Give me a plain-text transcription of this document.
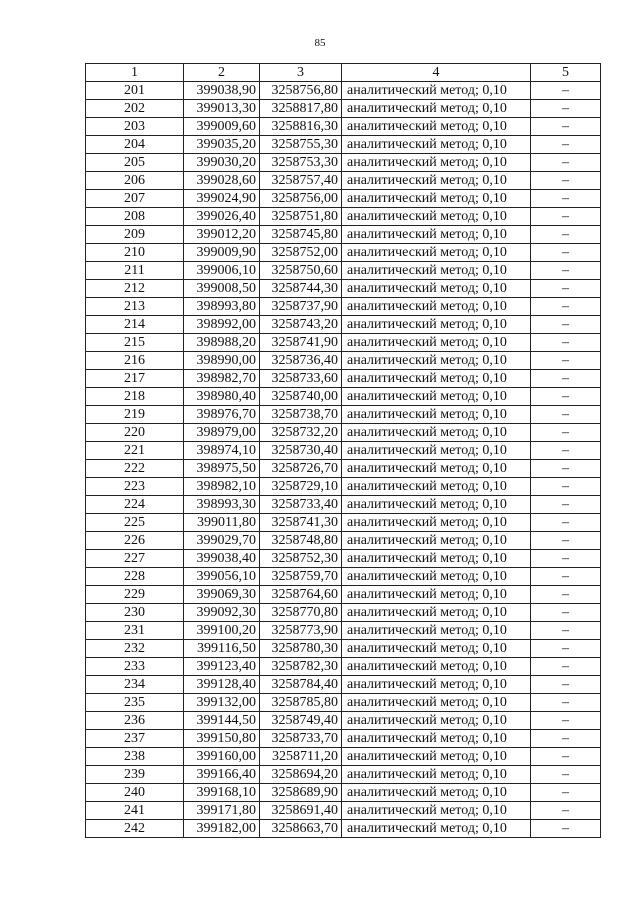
85
1	2	3	4	5
201	399038,90	3258756,80	аналитический метод; 0,10	–
202	399013,30	3258817,80	аналитический метод; 0,10	–
203	399009,60	3258816,30	аналитический метод; 0,10	–
204	399035,20	3258755,30	аналитический метод; 0,10	–
205	399030,20	3258753,30	аналитический метод; 0,10	–
206	399028,60	3258757,40	аналитический метод; 0,10	–
207	399024,90	3258756,00	аналитический метод; 0,10	–
208	399026,40	3258751,80	аналитический метод; 0,10	–
209	399012,20	3258745,80	аналитический метод; 0,10	–
210	399009,90	3258752,00	аналитический метод; 0,10	–
211	399006,10	3258750,60	аналитический метод; 0,10	–
212	399008,50	3258744,30	аналитический метод; 0,10	–
213	398993,80	3258737,90	аналитический метод; 0,10	–
214	398992,00	3258743,20	аналитический метод; 0,10	–
215	398988,20	3258741,90	аналитический метод; 0,10	–
216	398990,00	3258736,40	аналитический метод; 0,10	–
217	398982,70	3258733,60	аналитический метод; 0,10	–
218	398980,40	3258740,00	аналитический метод; 0,10	–
219	398976,70	3258738,70	аналитический метод; 0,10	–
220	398979,00	3258732,20	аналитический метод; 0,10	–
221	398974,10	3258730,40	аналитический метод; 0,10	–
222	398975,50	3258726,70	аналитический метод; 0,10	–
223	398982,10	3258729,10	аналитический метод; 0,10	–
224	398993,30	3258733,40	аналитический метод; 0,10	–
225	399011,80	3258741,30	аналитический метод; 0,10	–
226	399029,70	3258748,80	аналитический метод; 0,10	–
227	399038,40	3258752,30	аналитический метод; 0,10	–
228	399056,10	3258759,70	аналитический метод; 0,10	–
229	399069,30	3258764,60	аналитический метод; 0,10	–
230	399092,30	3258770,80	аналитический метод; 0,10	–
231	399100,20	3258773,90	аналитический метод; 0,10	–
232	399116,50	3258780,30	аналитический метод; 0,10	–
233	399123,40	3258782,30	аналитический метод; 0,10	–
234	399128,40	3258784,40	аналитический метод; 0,10	–
235	399132,00	3258785,80	аналитический метод; 0,10	–
236	399144,50	3258749,40	аналитический метод; 0,10	–
237	399150,80	3258733,70	аналитический метод; 0,10	–
238	399160,00	3258711,20	аналитический метод; 0,10	–
239	399166,40	3258694,20	аналитический метод; 0,10	–
240	399168,10	3258689,90	аналитический метод; 0,10	–
241	399171,80	3258691,40	аналитический метод; 0,10	–
242	399182,00	3258663,70	аналитический метод; 0,10	–
